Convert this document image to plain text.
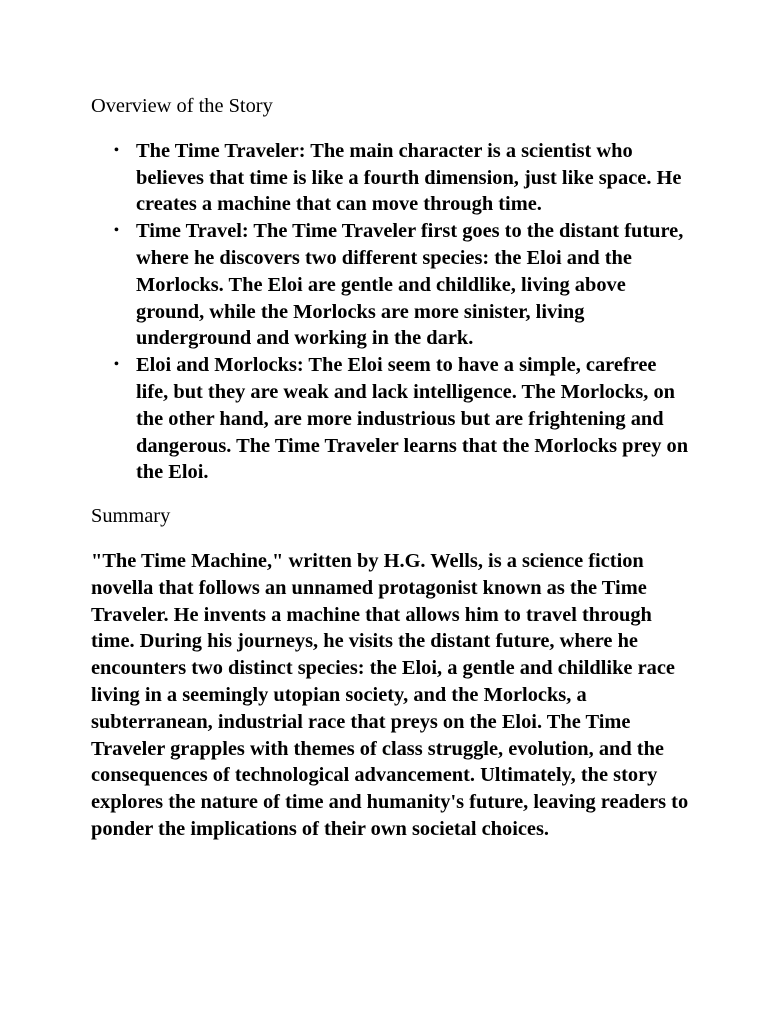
Overview of the Story
• The Time Traveler: The main character is a scientist who believes that time is like a fourth dimension, just like space. He creates a machine that can move through time.
• Time Travel: The Time Traveler first goes to the distant future, where he discovers two different species: the Eloi and the Morlocks. The Eloi are gentle and childlike, living above ground, while the Morlocks are more sinister, living underground and working in the dark.
• Eloi and Morlocks: The Eloi seem to have a simple, carefree life, but they are weak and lack intelligence. The Morlocks, on the other hand, are more industrious but are frightening and dangerous. The Time Traveler learns that the Morlocks prey on the Eloi.
Summary

"The Time Machine," written by H.G. Wells, is a science fiction novella that follows an unnamed protagonist known as the Time Traveler. He invents a machine that allows him to travel through time. During his journeys, he visits the distant future, where he encounters two distinct species: the Eloi, a gentle and childlike race living in a seemingly utopian society, and the Morlocks, a subterranean, industrial race that preys on the Eloi. The Time Traveler grapples with themes of class struggle, evolution, and the consequences of technological advancement. Ultimately, the story explores the nature of time and humanity's future, leaving readers to ponder the implications of their own societal choices.
